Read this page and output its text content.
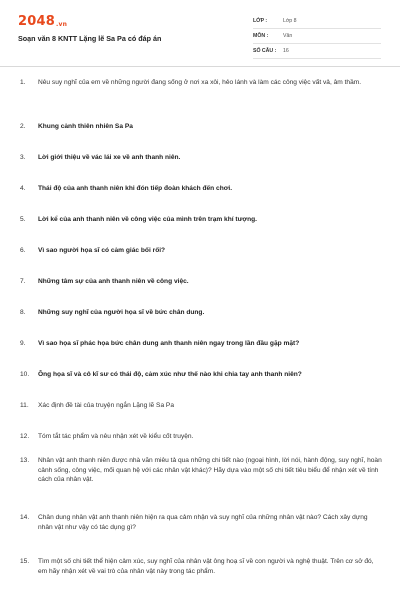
2048.vn
Soạn văn 8 KNTT Lặng lẽ Sa Pa có đáp án
LỚP :	Lớp 8
MÔN :	Văn
SỐ CÂU :	16
1.	Nêu suy nghĩ của em về những người đang sống ở nơi xa xôi, hẻo lánh và làm các công việc vất vả, âm thầm.
2.	Khung cảnh thiên nhiên Sa Pa
3.	Lời giới thiệu về vác lái xe về anh thanh niên.
4.	Thái độ của anh thanh niên khi đón tiếp đoàn khách đến chơi.
5.	Lời kể của anh thanh niên về công việc của mình trên trạm khí tượng.
6.	Vì sao người họa sĩ có cảm giác bối rối?
7.	Những tâm sự của anh thanh niên về công việc.
8.	Những suy nghĩ của người họa sĩ về bức chân dung.
9.	Vì sao họa sĩ phác họa bức chân dung anh thanh niên ngay trong lần đầu gặp mặt?
10.	Ông họa sĩ và cô kĩ sư có thái độ, cảm xúc như thế nào khi chia tay anh thanh niên?
11.	Xác định đề tài của truyện ngắn Lặng lẽ Sa Pa
12.	Tóm tắt tác phẩm và nêu nhận xét về kiểu cốt truyện.
13.	Nhân vật anh thanh niên được nhà văn miêu tả qua những chi tiết nào (ngoại hình, lời nói, hành động, suy nghĩ, hoàn cảnh sống, công việc, mối quan hệ với các nhân vật khác)? Hãy dựa vào một số chi tiết tiêu biểu để nhận xét về tính cách của nhân vật.
14.	Chân dung nhân vật anh thanh niên hiện ra qua cảm nhận và suy nghĩ của những nhân vật nào? Cách xây dựng nhân vật như vậy có tác dụng gì?
15.	Tìm một số chi tiết thể hiện cảm xúc, suy nghĩ của nhân vật ông hoạ sĩ về con người và nghệ thuật. Trên cơ sở đó, em hãy nhận xét về vai trò của nhân vật này trong tác phẩm.
